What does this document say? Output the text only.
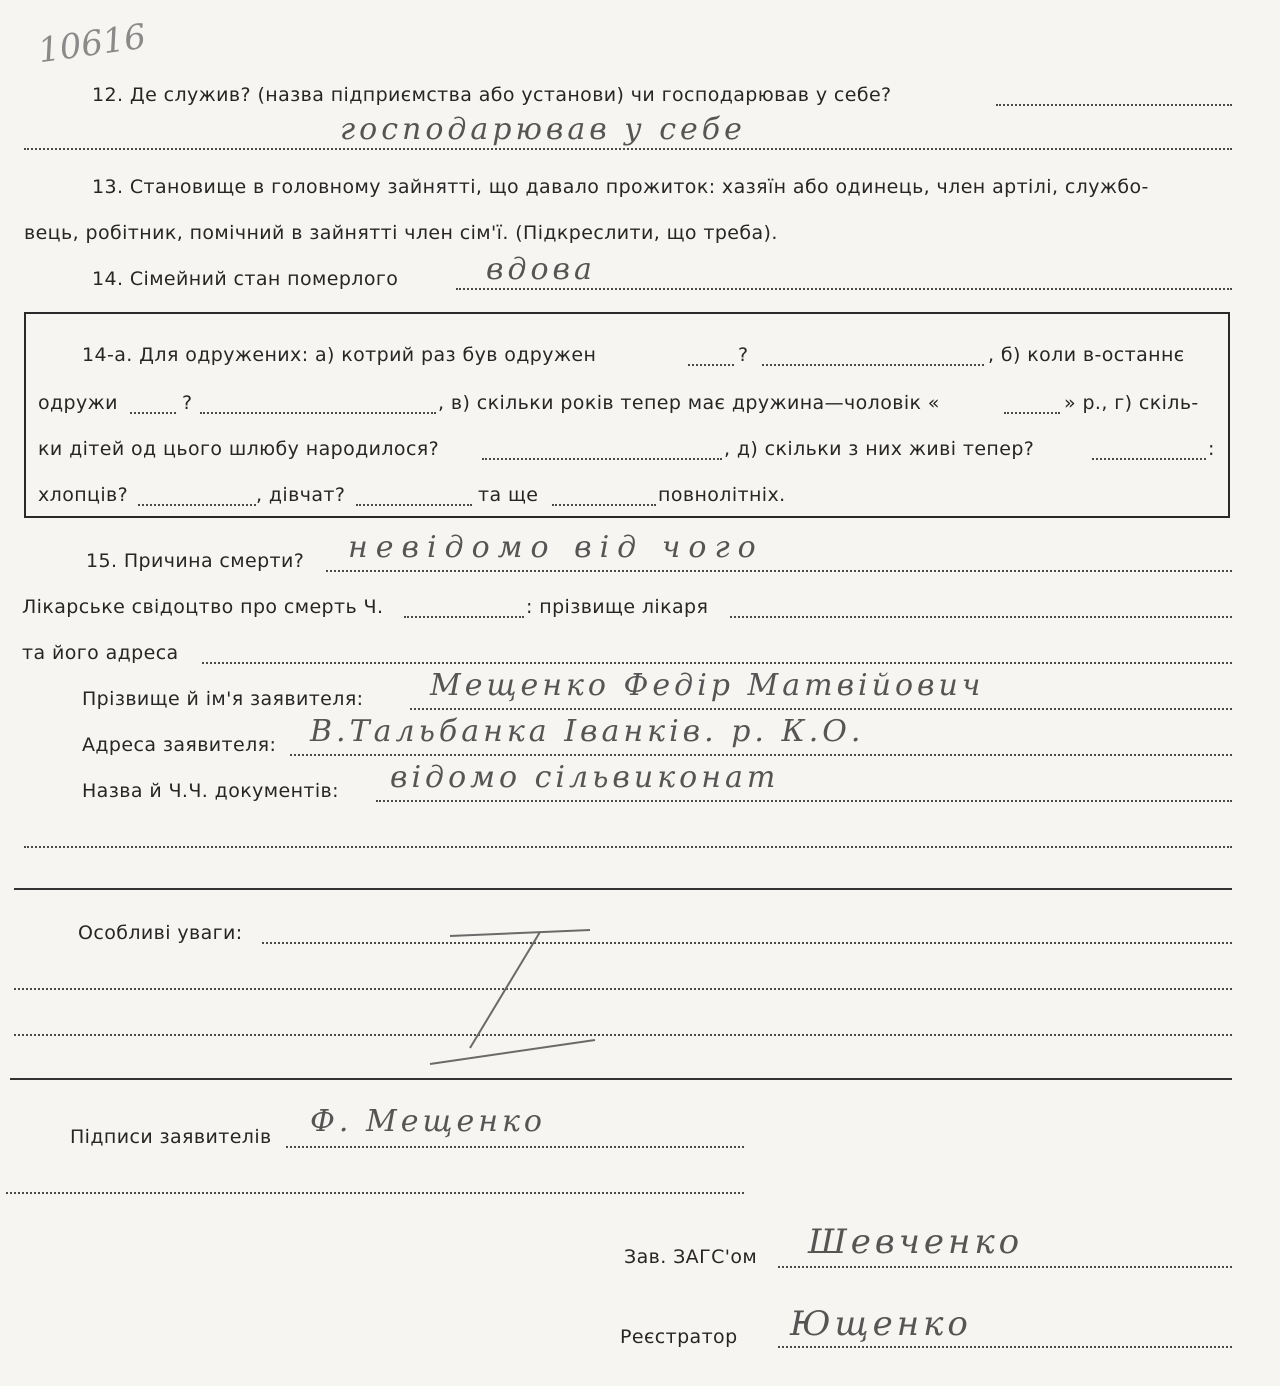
10616
12. Де служив? (назва підприємства або установи) чи господарював у себе?
господарював у себе
13. Становище в головному зайнятті, що давало прожиток: хазяїн або одинець, член артілі, службо-
вець, робітник, помічний в зайнятті член сім'ї. (Підкреслити, що треба).
14. Сімейний стан померлого	вдова
14-а. Для одружених: а) котрий раз був одружен	?	, б) коли в-останнє
одружи	?	, в) скільки років тепер має дружина—чоловік «	» р., г) скіль-
ки дітей од цього шлюбу народилося?	, д) скільки з них живі тепер?	:
хлопців?	, дівчат?	та ще	повнолітніх.
15. Причина смерти? невідомо від чого
Лікарське свідоцтво про смерть Ч.	: прізвище лікаря
та його адреса
Прізвище й ім'я заявителя: Мещенко Федір Матвійович
Адреса заявителя: В.Тальбанка Іванків. р. К.О.
Назва й Ч.Ч. документів: відомо сільвиконат
Особливі уваги:
Підписи заявителів Ф. Мещенко
Зав. ЗАГС'ом Шевченко
Реєстратор Ющенко
